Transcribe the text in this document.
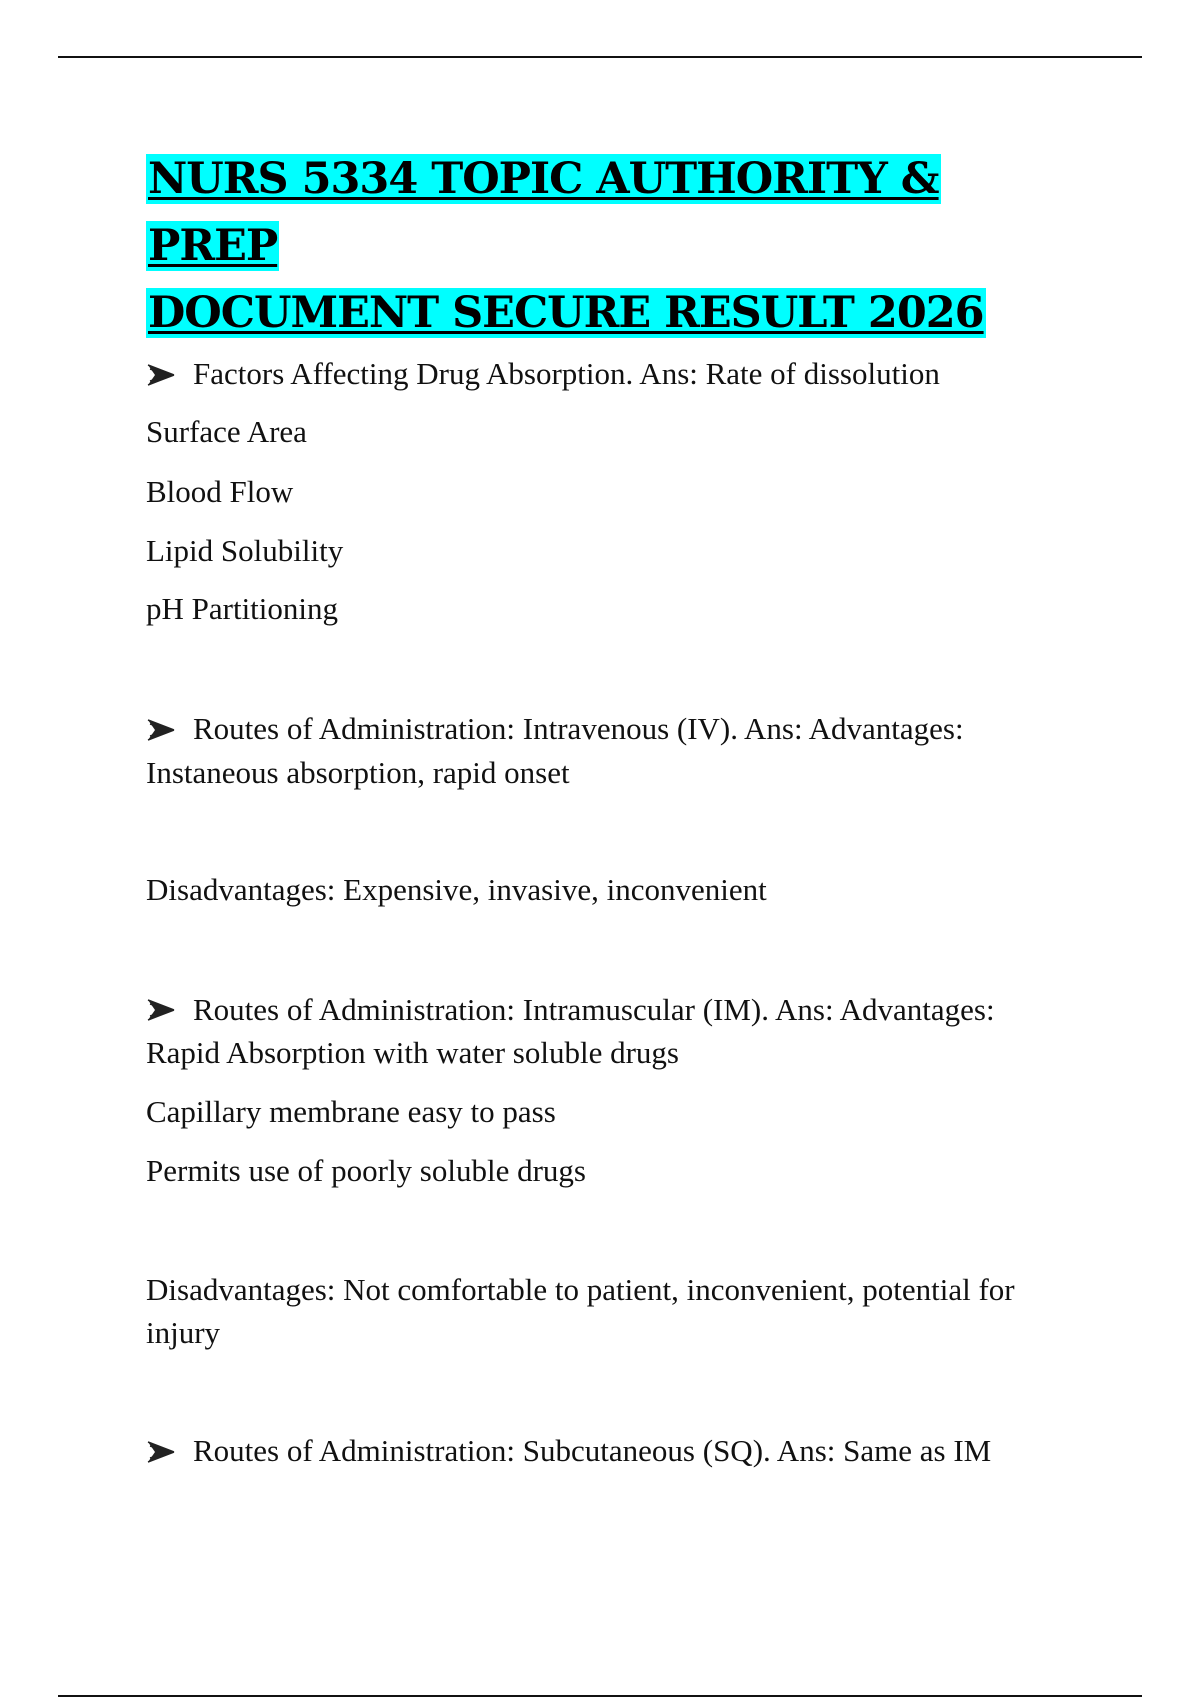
NURS 5334 TOPIC AUTHORITY & PREP
DOCUMENT SECURE RESULT 2026
Factors Affecting Drug Absorption. Ans: Rate of dissolution
Surface Area
Blood Flow
Lipid Solubility
pH Partitioning
Routes of Administration: Intravenous (IV). Ans: Advantages:
Instaneous absorption, rapid onset
Disadvantages: Expensive, invasive, inconvenient
Routes of Administration: Intramuscular (IM). Ans: Advantages:
Rapid Absorption with water soluble drugs
Capillary membrane easy to pass
Permits use of poorly soluble drugs
Disadvantages: Not comfortable to patient, inconvenient, potential for
injury
Routes of Administration: Subcutaneous (SQ). Ans: Same as IM
